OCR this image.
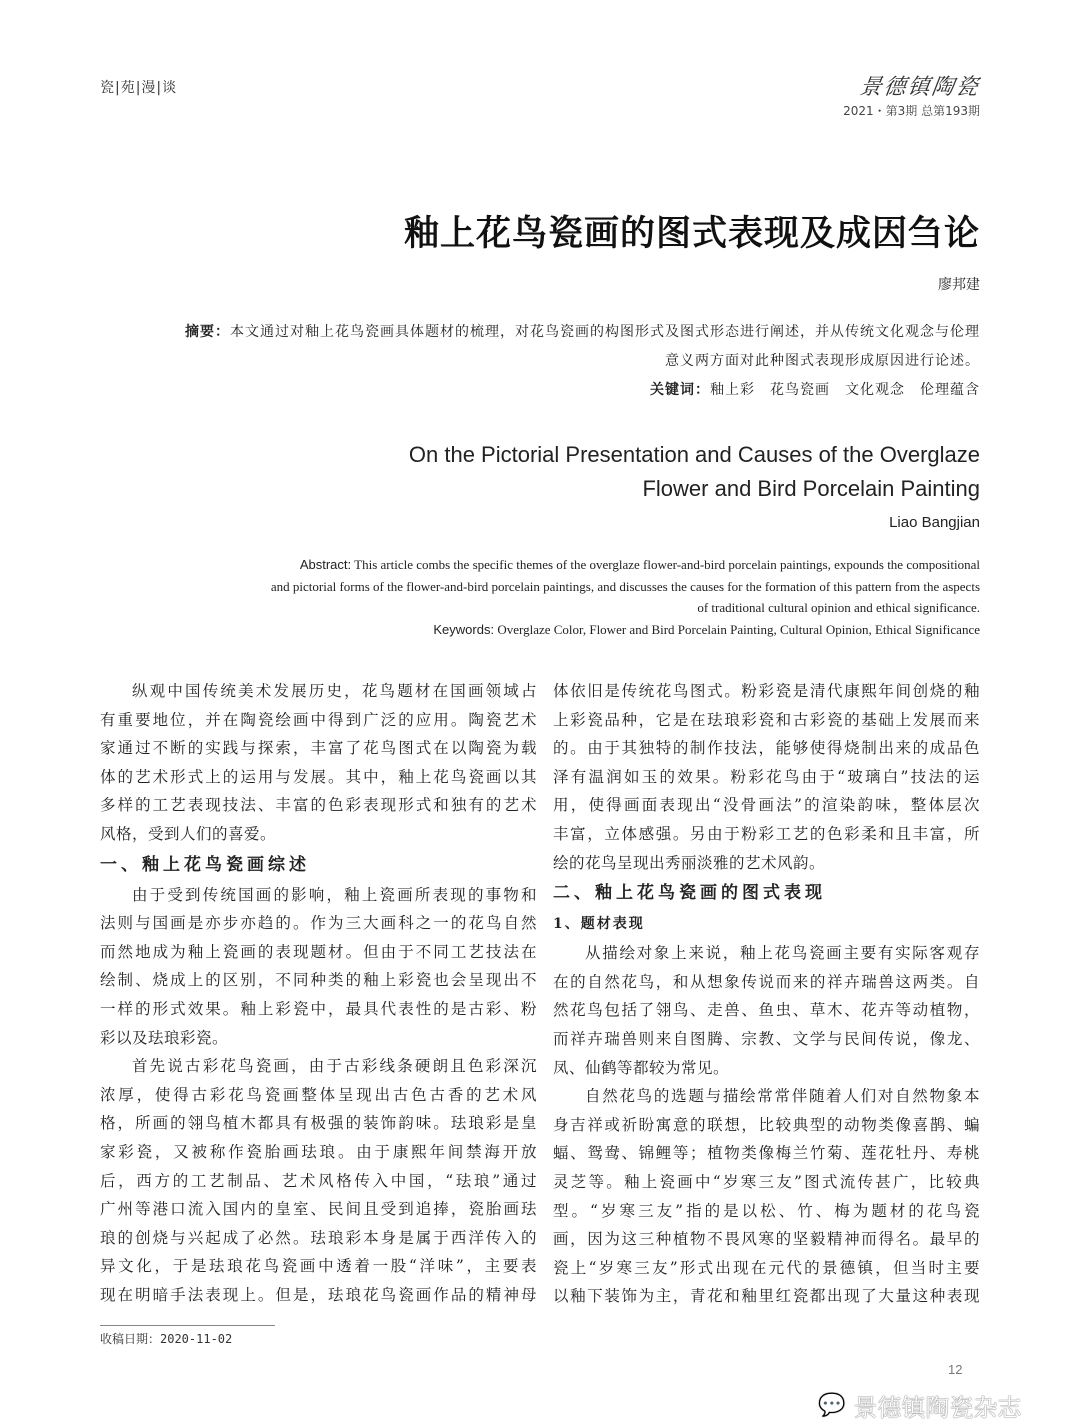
瓷|苑|漫|谈	景德镇陶瓷
2021・第3期 总第193期
釉上花鸟瓷画的图式表现及成因刍论
廖邦建
摘要：本文通过对釉上花鸟瓷画具体题材的梳理，对花鸟瓷画的构图形式及图式形态进行阐述，并从传统文化观念与伦理
意义两方面对此种图式表现形成原因进行论述。
关键词：釉上彩　花鸟瓷画　文化观念　伦理蕴含
On the Pictorial Presentation and Causes of the Overglaze
Flower and Bird Porcelain Painting
Liao Bangjian
Abstract: This article combs the specific themes of the overglaze flower-and-bird porcelain paintings, expounds the compositional
and pictorial forms of the flower-and-bird porcelain paintings, and discusses the causes for the formation of this pattern from the aspects
of traditional cultural opinion and ethical significance.
Keywords: Overglaze Color, Flower and Bird Porcelain Painting, Cultural Opinion, Ethical Significance
纵观中国传统美术发展历史，花鸟题材在国画领域占
有重要地位，并在陶瓷绘画中得到广泛的应用。陶瓷艺术
家通过不断的实践与探索，丰富了花鸟图式在以陶瓷为载
体的艺术形式上的运用与发展。其中，釉上花鸟瓷画以其
多样的工艺表现技法、丰富的色彩表现形式和独有的艺术
风格，受到人们的喜爱。
一、釉上花鸟瓷画综述
由于受到传统国画的影响，釉上瓷画所表现的事物和
法则与国画是亦步亦趋的。作为三大画科之一的花鸟自然
而然地成为釉上瓷画的表现题材。但由于不同工艺技法在
绘制、烧成上的区别，不同种类的釉上彩瓷也会呈现出不
一样的形式效果。釉上彩瓷中，最具代表性的是古彩、粉
彩以及珐琅彩瓷。
首先说古彩花鸟瓷画，由于古彩线条硬朗且色彩深沉
浓厚，使得古彩花鸟瓷画整体呈现出古色古香的艺术风
格，所画的翎鸟植木都具有极强的装饰韵味。珐琅彩是皇
家彩瓷，又被称作瓷胎画珐琅。由于康熙年间禁海开放
后，西方的工艺制品、艺术风格传入中国，“珐琅”通过
广州等港口流入国内的皇室、民间且受到追捧，瓷胎画珐
琅的创烧与兴起成了必然。珐琅彩本身是属于西洋传入的
异文化，于是珐琅花鸟瓷画中透着一股“洋味”，主要表
现在明暗手法表现上。但是，珐琅花鸟瓷画作品的精神母
体依旧是传统花鸟图式。粉彩瓷是清代康熙年间创烧的釉
上彩瓷品种，它是在珐琅彩瓷和古彩瓷的基础上发展而来
的。由于其独特的制作技法，能够使得烧制出来的成品色
泽有温润如玉的效果。粉彩花鸟由于“玻璃白”技法的运
用，使得画面表现出“没骨画法”的渲染韵味，整体层次
丰富，立体感强。另由于粉彩工艺的色彩柔和且丰富，所
绘的花鸟呈现出秀丽淡雅的艺术风韵。
二、釉上花鸟瓷画的图式表现
1、题材表现
从描绘对象上来说，釉上花鸟瓷画主要有实际客观存
在的自然花鸟，和从想象传说而来的祥卉瑞兽这两类。自
然花鸟包括了翎鸟、走兽、鱼虫、草木、花卉等动植物，
而祥卉瑞兽则来自图腾、宗教、文学与民间传说，像龙、
凤、仙鹤等都较为常见。
自然花鸟的选题与描绘常常伴随着人们对自然物象本
身吉祥或祈盼寓意的联想，比较典型的动物类像喜鹊、蝙
蝠、鸳鸯、锦鲤等；植物类像梅兰竹菊、莲花牡丹、寿桃
灵芝等。釉上瓷画中“岁寒三友”图式流传甚广，比较典
型。“岁寒三友”指的是以松、竹、梅为题材的花鸟瓷
画，因为这三种植物不畏风寒的坚毅精神而得名。最早的
瓷上“岁寒三友”形式出现在元代的景德镇，但当时主要
以釉下装饰为主，青花和釉里红瓷都出现了大量这种表现
收稿日期：2020-11-02
12
💬 景德镇陶瓷杂志
